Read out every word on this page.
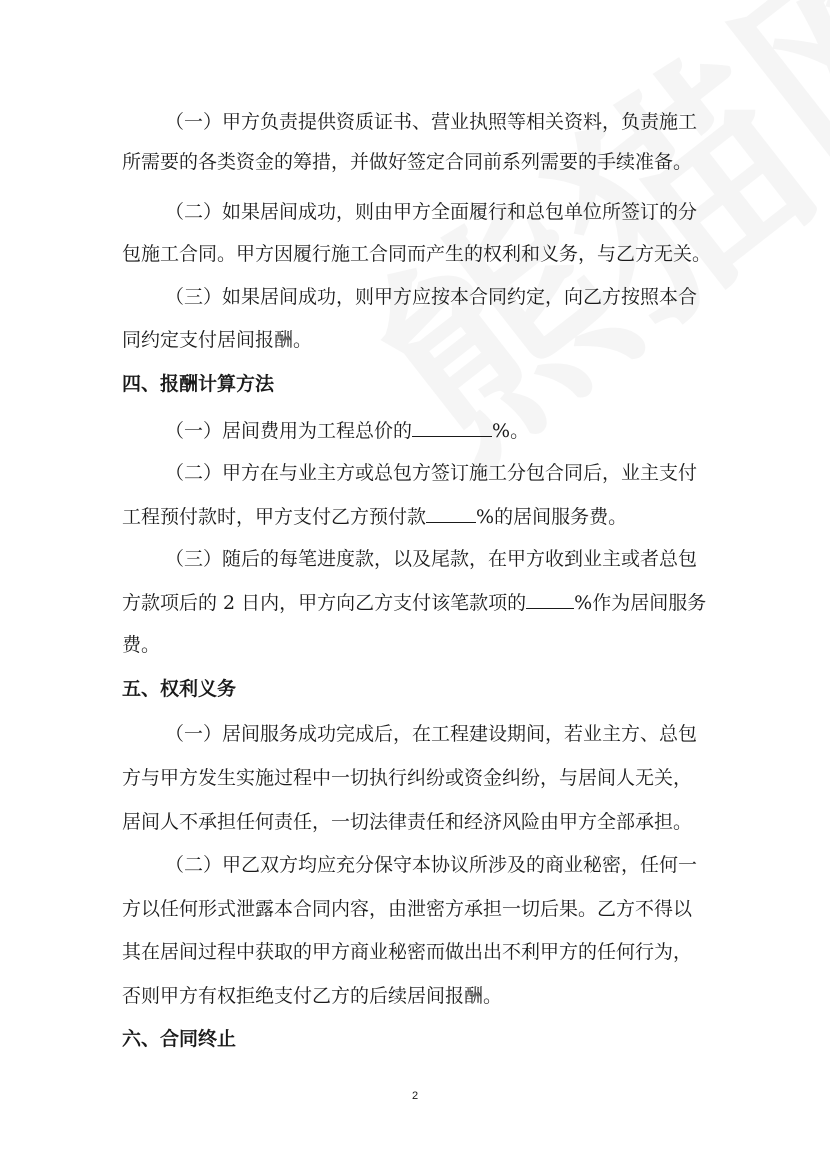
（一）甲方负责提供资质证书、营业执照等相关资料，负责施工
所需要的各类资金的筹措，并做好签定合同前系列需要的手续准备。
（二）如果居间成功，则由甲方全面履行和总包单位所签订的分
包施工合同。甲方因履行施工合同而产生的权利和义务，与乙方无关。
（三）如果居间成功，则甲方应按本合同约定，向乙方按照本合
同约定支付居间报酬。
四、报酬计算方法
（一）居间费用为工程总价的	%。
（二）甲方在与业主方或总包方签订施工分包合同后，业主支付
工程预付款时，甲方支付乙方预付款	%的居间服务费。
（三）随后的每笔进度款，以及尾款，在甲方收到业主或者总包
方款项后的 2 日内，甲方向乙方支付该笔款项的	%作为居间服务
费。
五、权利义务
（一）居间服务成功完成后，在工程建设期间，若业主方、总包
方与甲方发生实施过程中一切执行纠纷或资金纠纷，与居间人无关，
居间人不承担任何责任，一切法律责任和经济风险由甲方全部承担。
（二）甲乙双方均应充分保守本协议所涉及的商业秘密，任何一
方以任何形式泄露本合同内容，由泄密方承担一切后果。乙方不得以
其在居间过程中获取的甲方商业秘密而做出出不利甲方的任何行为，
否则甲方有权拒绝支付乙方的后续居间报酬。
六、合同终止
2
